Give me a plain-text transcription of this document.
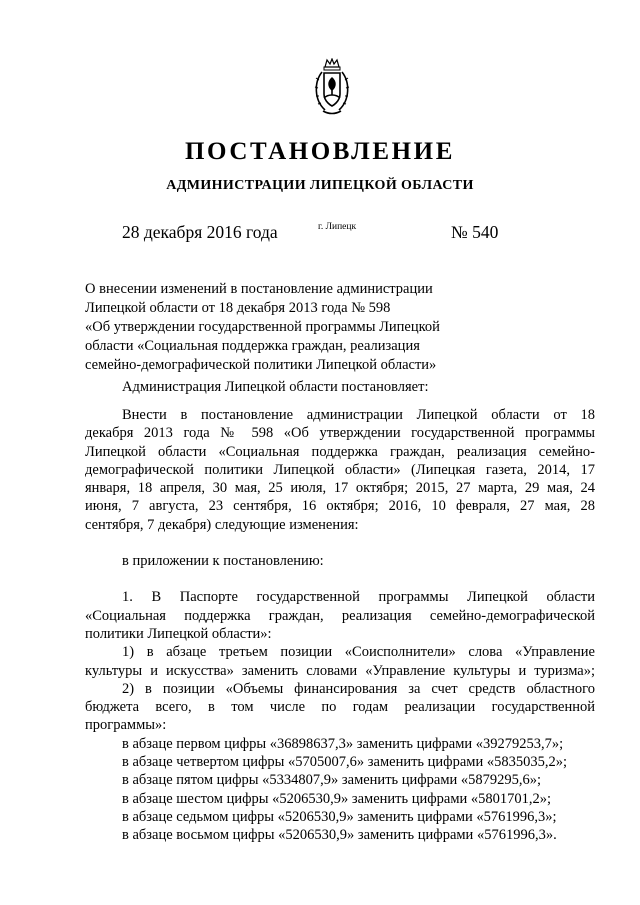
ПОСТАНОВЛЕНИЕ
АДМИНИСТРАЦИИ ЛИПЕЦКОЙ ОБЛАСТИ
28 декабря 2016 года	г. Липецк	№ 540
О внесении изменений в постановление администрации
Липецкой области от 18 декабря 2013 года № 598
«Об утверждении государственной программы Липецкой
области «Социальная поддержка граждан, реализация
семейно-демографической политики Липецкой области»
Администрация Липецкой области постановляет:
Внести в постановление администрации Липецкой области от 18
декабря 2013 года № 598 «Об утверждении государственной программы
Липецкой области «Социальная поддержка граждан, реализация семейно-
демографической политики Липецкой области» (Липецкая газета, 2014, 17
января, 18 апреля, 30 мая, 25 июля, 17 октября; 2015, 27 марта, 29 мая, 24
июня, 7 августа, 23 сентября, 16 октября; 2016, 10 февраля, 27 мая, 28
сентября, 7 декабря) следующие изменения:
в приложении к постановлению:
1. В Паспорте государственной программы Липецкой области
«Социальная поддержка граждан, реализация семейно-демографической
политики Липецкой области»:
1) в абзаце третьем позиции «Соисполнители» слова «Управление
культуры и искусства» заменить словами «Управление культуры и туризма»;
2) в позиции «Объемы финансирования за счет средств областного
бюджета всего, в том числе по годам реализации государственной
программы»:
в абзаце первом цифры «36898637,3» заменить цифрами «39279253,7»;
в абзаце четвертом цифры «5705007,6» заменить цифрами «5835035,2»;
в абзаце пятом цифры «5334807,9» заменить цифрами «5879295,6»;
в абзаце шестом цифры «5206530,9» заменить цифрами «5801701,2»;
в абзаце седьмом цифры «5206530,9» заменить цифрами «5761996,3»;
в абзаце восьмом цифры «5206530,9» заменить цифрами «5761996,3».
